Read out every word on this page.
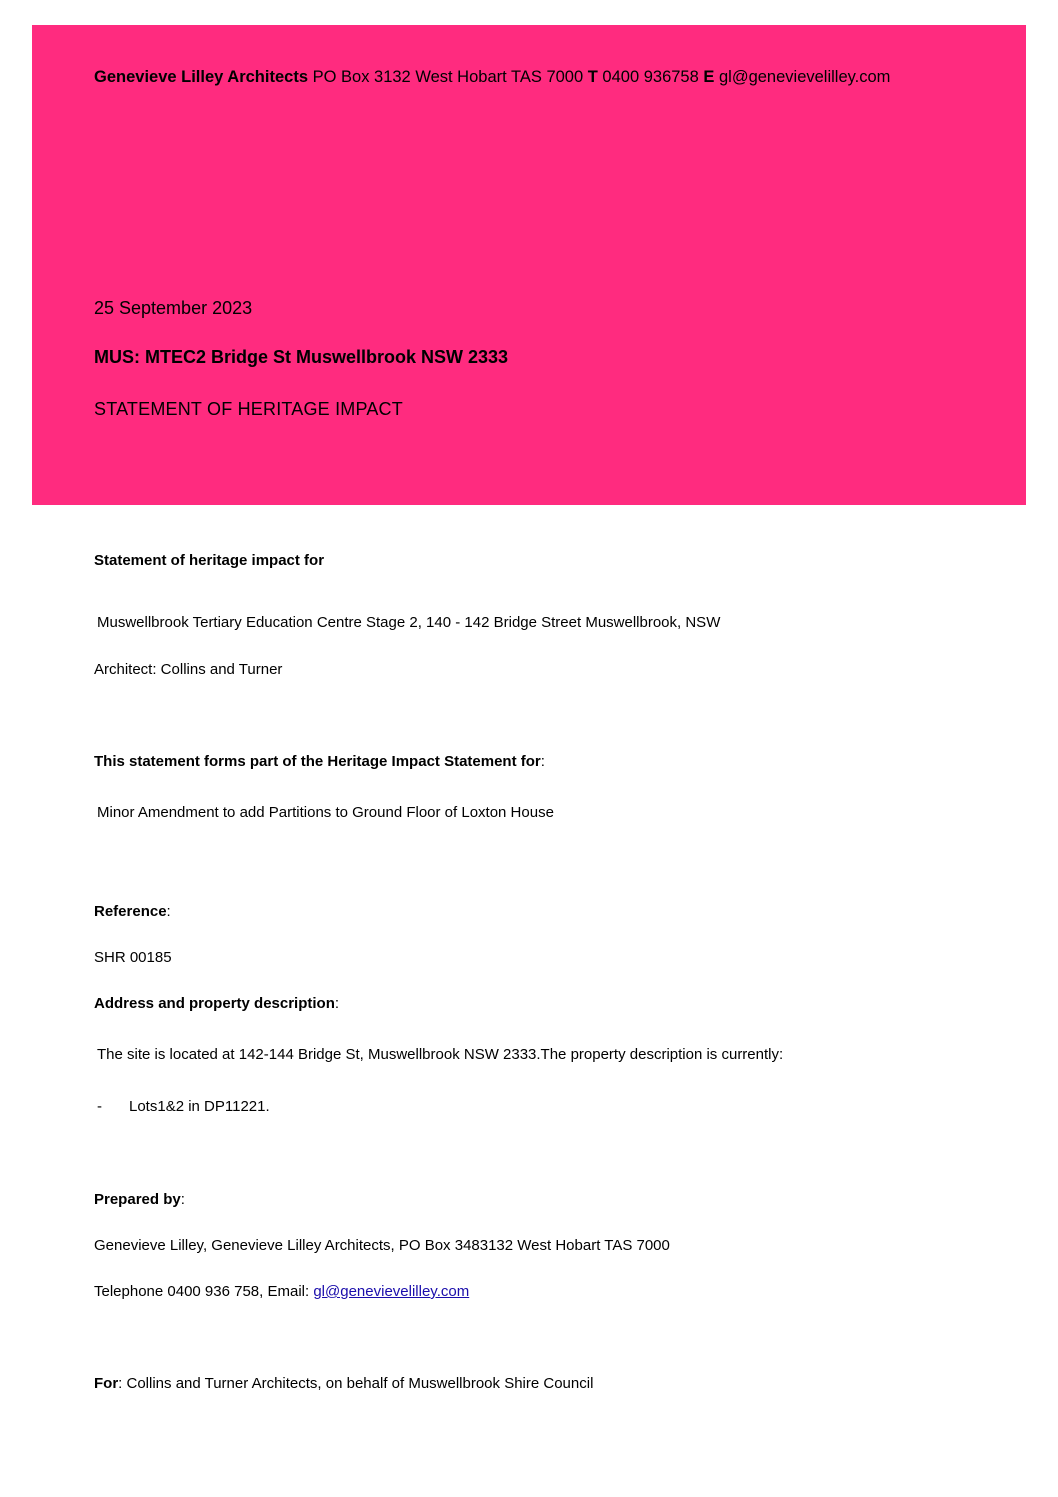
Genevieve Lilley Architects PO Box 3132 West Hobart TAS 7000 T 0400 936758 E gl@genevievelilley.com
25 September 2023
MUS: MTEC2 Bridge St Muswellbrook NSW 2333
STATEMENT OF HERITAGE IMPACT
Statement of heritage impact for
Muswellbrook Tertiary Education Centre Stage 2, 140 - 142 Bridge Street Muswellbrook, NSW
Architect: Collins and Turner
This statement forms part of the Heritage Impact Statement for:
Minor Amendment to add Partitions to Ground Floor of Loxton House
Reference:
SHR 00185
Address and property description:
The site is located at 142-144 Bridge St, Muswellbrook NSW 2333.The property description is currently:
- Lots1&2 in DP11221.
Prepared by:
Genevieve Lilley, Genevieve Lilley Architects, PO Box 3483132 West Hobart TAS 7000
Telephone 0400 936 758, Email: gl@genevievelilley.com
For: Collins and Turner Architects, on behalf of Muswellbrook Shire Council
